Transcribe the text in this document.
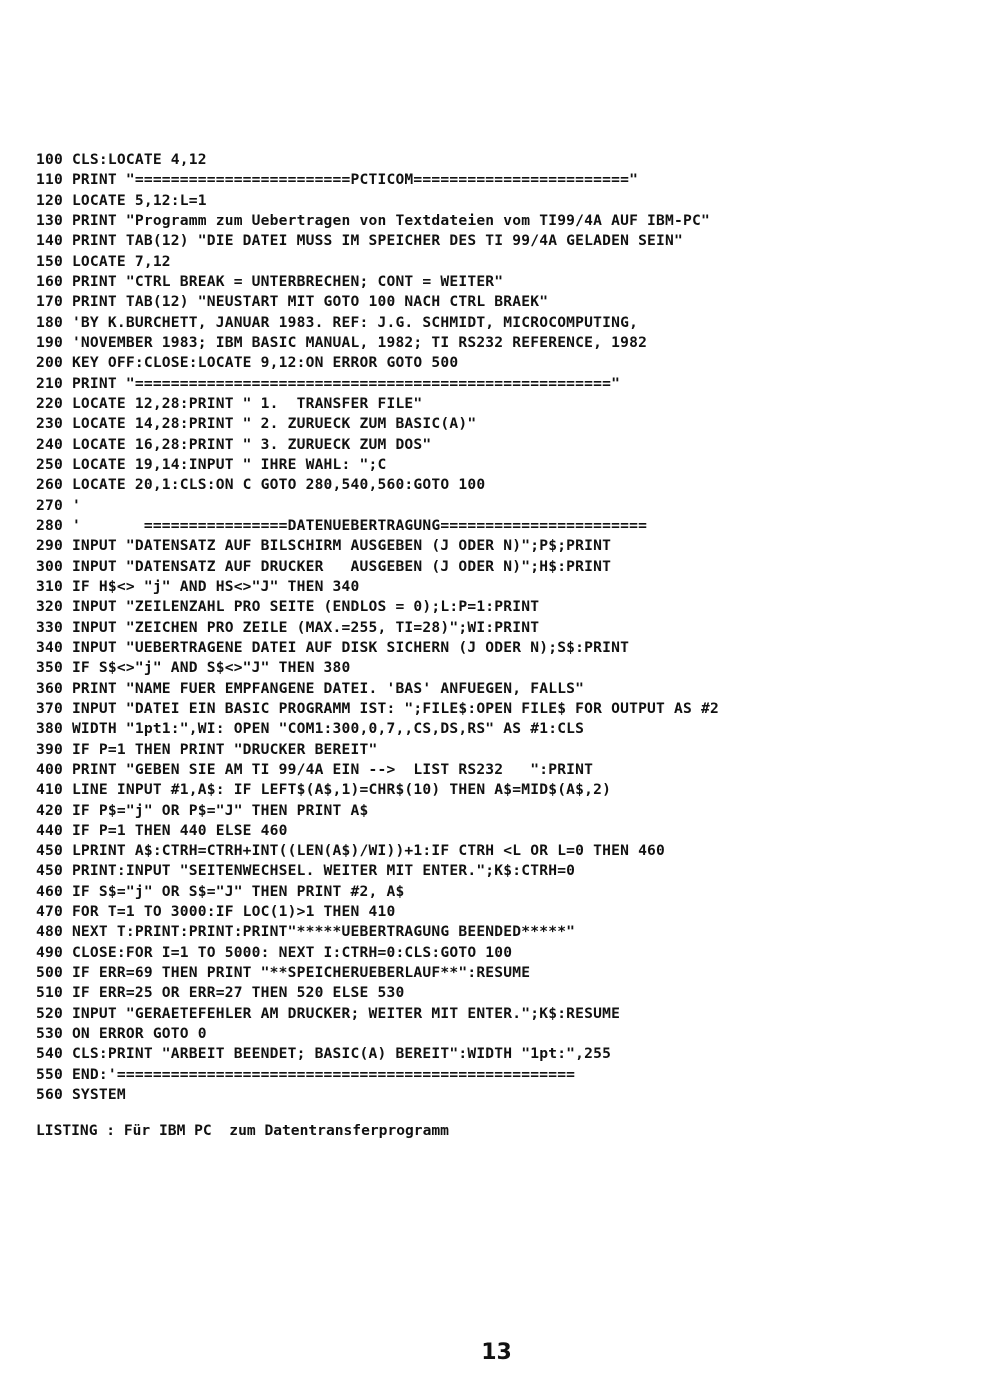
100 CLS:LOCATE 4,12
110 PRINT "========================PCTICOM========================"
120 LOCATE 5,12:L=1
130 PRINT "Programm zum Uebertragen von Textdateien vom TI99/4A AUF IBM-PC"
140 PRINT TAB(12) "DIE DATEI MUSS IM SPEICHER DES TI 99/4A GELADEN SEIN"
150 LOCATE 7,12
160 PRINT "CTRL BREAK = UNTERBRECHEN; CONT = WEITER"
170 PRINT TAB(12) "NEUSTART MIT GOTO 100 NACH CTRL BRAEK"
180 'BY K.BURCHETT, JANUAR 1983. REF: J.G. SCHMIDT, MICROCOMPUTING,
190 'NOVEMBER 1983; IBM BASIC MANUAL, 1982; TI RS232 REFERENCE, 1982
200 KEY OFF:CLOSE:LOCATE 9,12:ON ERROR GOTO 500
210 PRINT "====================================================="
220 LOCATE 12,28:PRINT " 1.  TRANSFER FILE"
230 LOCATE 14,28:PRINT " 2. ZURUECK ZUM BASIC(A)"
240 LOCATE 16,28:PRINT " 3. ZURUECK ZUM DOS"
250 LOCATE 19,14:INPUT " IHRE WAHL: ";C
260 LOCATE 20,1:CLS:ON C GOTO 280,540,560:GOTO 100
270 '
280 '       ================DATENUEBERTRAGUNG=======================
290 INPUT "DATENSATZ AUF BILSCHIRM AUSGEBEN (J ODER N)";P$;PRINT
300 INPUT "DATENSATZ AUF DRUCKER   AUSGEBEN (J ODER N)";H$:PRINT
310 IF H$<> "j" AND HS<>"J" THEN 340
320 INPUT "ZEILENZAHL PRO SEITE (ENDLOS = 0);L:P=1:PRINT
330 INPUT "ZEICHEN PRO ZEILE (MAX.=255, TI=28)";WI:PRINT
340 INPUT "UEBERTRAGENE DATEI AUF DISK SICHERN (J ODER N);S$:PRINT
350 IF S$<>"j" AND S$<>"J" THEN 380
360 PRINT "NAME FUER EMPFANGENE DATEI. 'BAS' ANFUEGEN, FALLS"
370 INPUT "DATEI EIN BASIC PROGRAMM IST: ";FILE$:OPEN FILE$ FOR OUTPUT AS #2
380 WIDTH "1pt1:",WI: OPEN "COM1:300,0,7,,CS,DS,RS" AS #1:CLS
390 IF P=1 THEN PRINT "DRUCKER BEREIT"
400 PRINT "GEBEN SIE AM TI 99/4A EIN -->  LIST RS232   ":PRINT
410 LINE INPUT #1,A$: IF LEFT$(A$,1)=CHR$(10) THEN A$=MID$(A$,2)
420 IF P$="j" OR P$="J" THEN PRINT A$
440 IF P=1 THEN 440 ELSE 460
450 LPRINT A$:CTRH=CTRH+INT((LEN(A$)/WI))+1:IF CTRH <L OR L=0 THEN 460
450 PRINT:INPUT "SEITENWECHSEL. WEITER MIT ENTER.";K$:CTRH=0
460 IF S$="j" OR S$="J" THEN PRINT #2, A$
470 FOR T=1 TO 3000:IF LOC(1)>1 THEN 410
480 NEXT T:PRINT:PRINT:PRINT"*****UEBERTRAGUNG BEENDED*****"
490 CLOSE:FOR I=1 TO 5000: NEXT I:CTRH=0:CLS:GOTO 100
500 IF ERR=69 THEN PRINT "**SPEICHERUEBERLAUF**":RESUME
510 IF ERR=25 OR ERR=27 THEN 520 ELSE 530
520 INPUT "GERAETEFEHLER AM DRUCKER; WEITER MIT ENTER.";K$:RESUME
530 ON ERROR GOTO 0
540 CLS:PRINT "ARBEIT BEENDET; BASIC(A) BEREIT":WIDTH "1pt:",255
550 END:'===================================================
560 SYSTEM
LISTING : Für IBM PC  zum Datentransferprogramm
13
